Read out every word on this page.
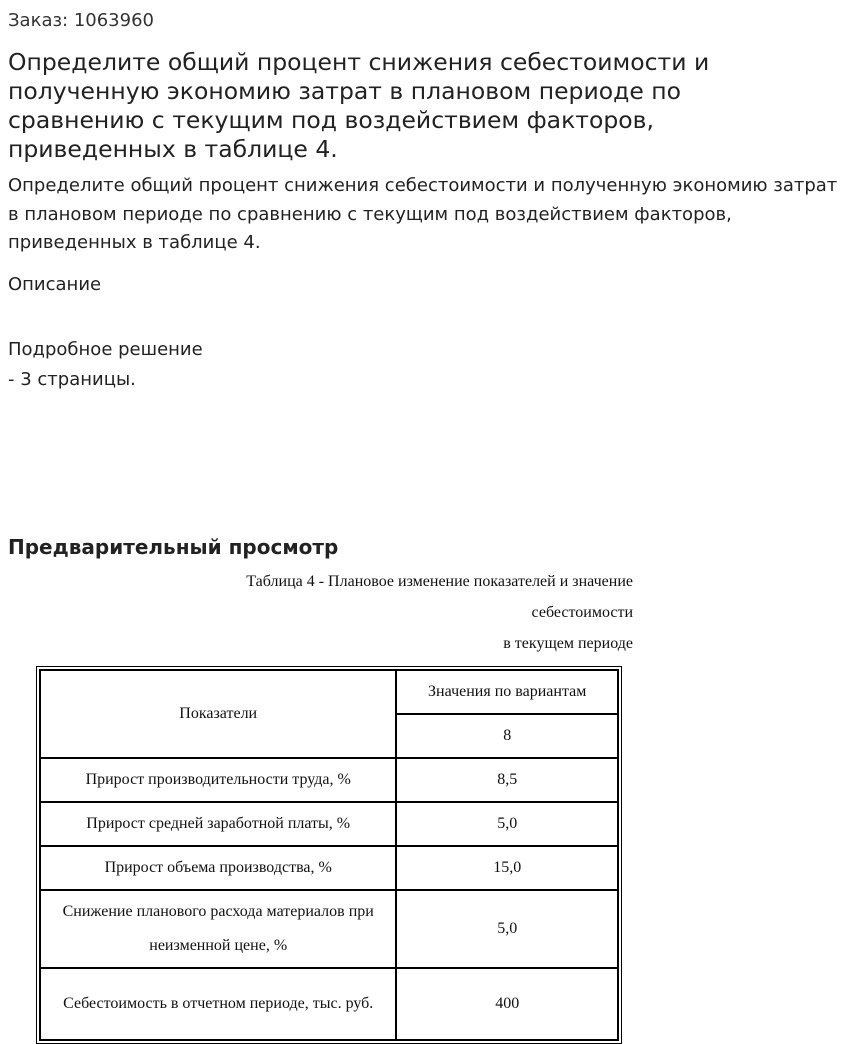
Заказ: 1063960
Определите общий процент снижения себестоимости и полученную экономию затрат в плановом периоде по сравнению с текущим под воздействием факторов, приведенных в таблице 4.

Определите общий процент снижения себестоимости и полученную экономию затрат в плановом периоде по сравнению с текущим под воздействием факторов, приведенных в таблице 4.

Описание
Подробное решение
- 3 страницы.
Предварительный просмотр
Таблица 4 - Плановое изменение показателей и значение
себестоимости
в текущем периоде
Показатели	Значения по вариантам
	8
Прирост производительности труда, %	8,5
Прирост средней заработной платы, %	5,0
Прирост объема производства, %	15,0
Снижение планового расхода материалов при неизменной цене, %	5,0
Себестоимость в отчетном периоде, тыс. руб.	400
